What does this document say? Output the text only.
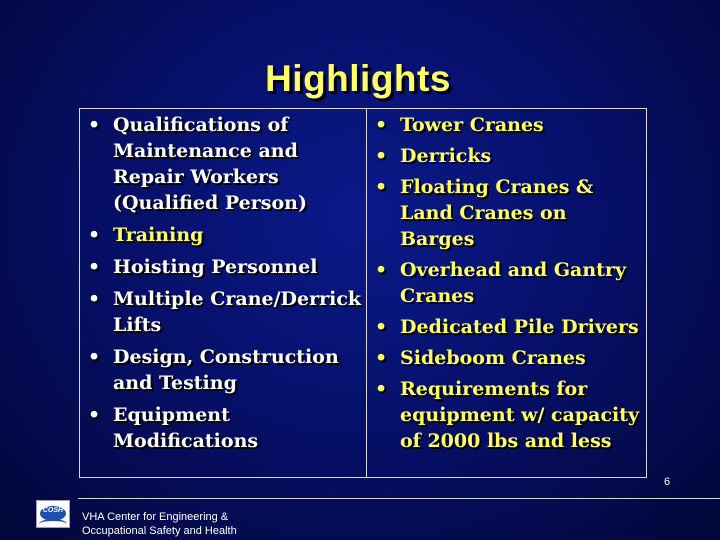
Highlights
• Qualifications of Maintenance and Repair Workers (Qualified Person)
• Training
• Hoisting Personnel
• Multiple Crane/Derrick Lifts
• Design, Construction and Testing
• Equipment Modifications
• Tower Cranes
• Derricks
• Floating Cranes & Land Cranes on Barges
• Overhead and Gantry Cranes
• Dedicated Pile Drivers
• Sideboom Cranes
• Requirements for equipment w/ capacity of 2000 lbs and less
6
COSH
VHA Center for Engineering &
Occupational Safety and Health
